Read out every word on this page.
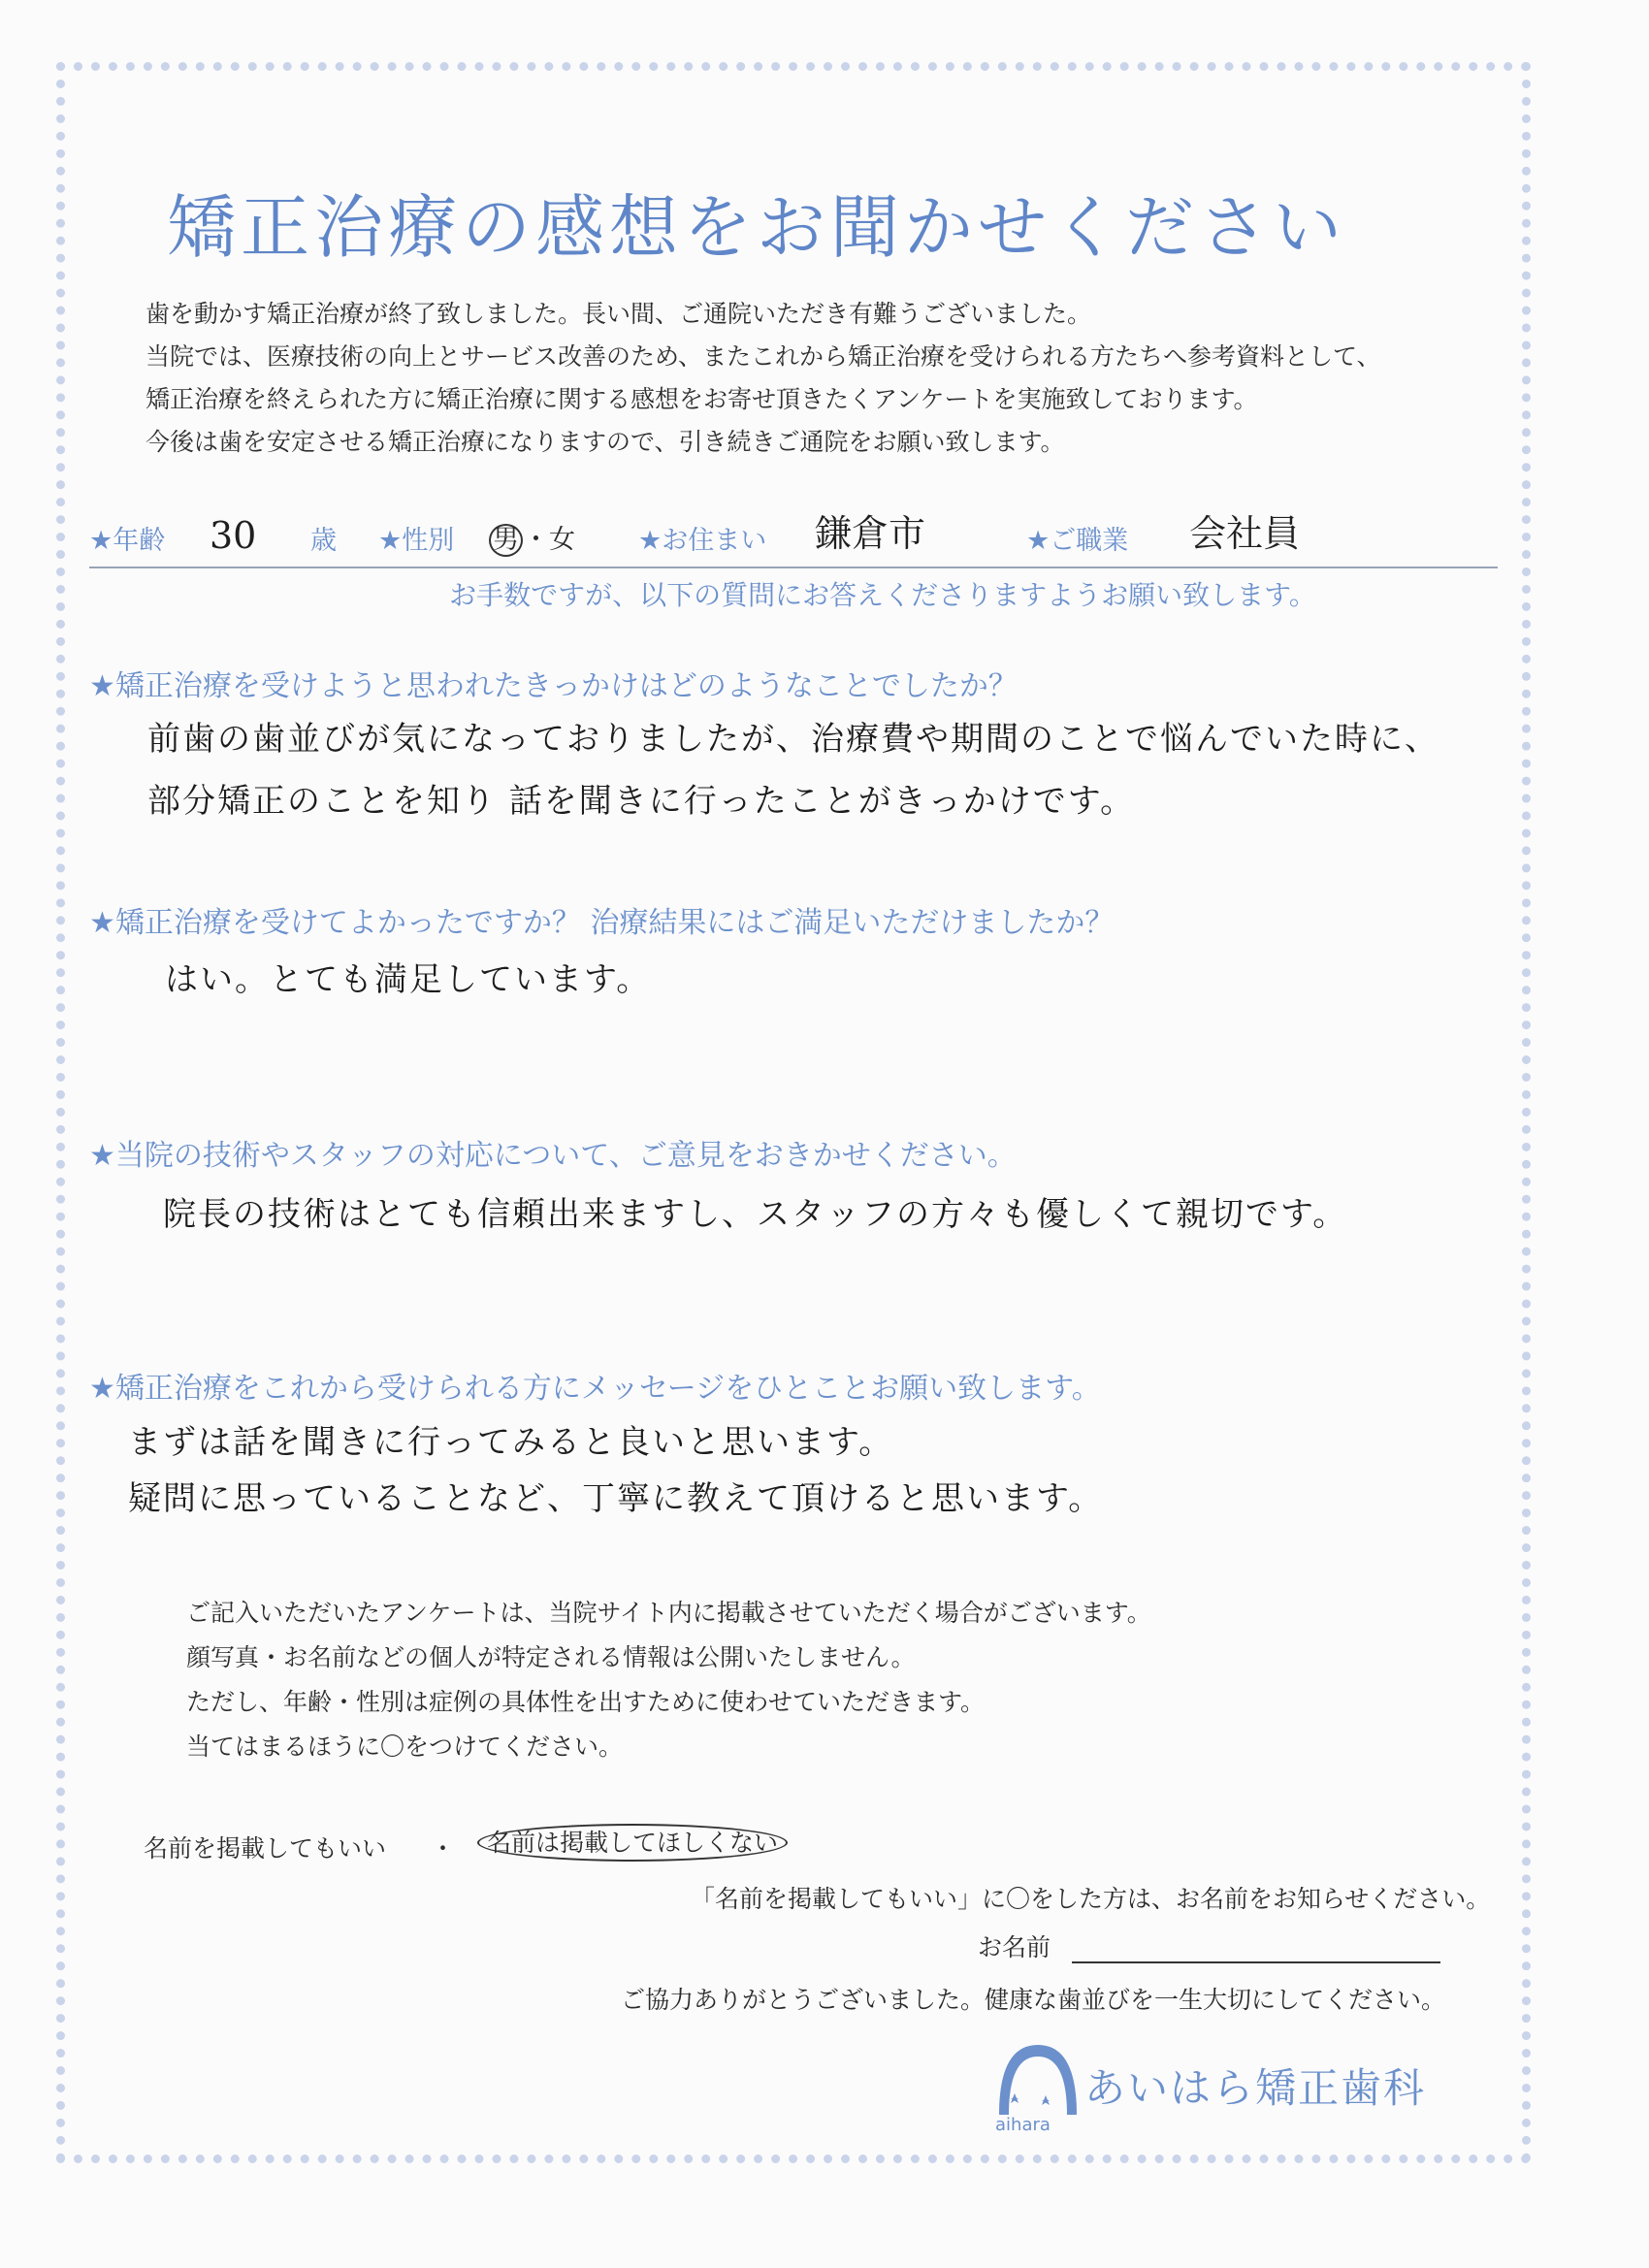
矯正治療の感想をお聞かせください
歯を動かす矯正治療が終了致しました。長い間、ご通院いただき有難うございました。
当院では、医療技術の向上とサービス改善のため、またこれから矯正治療を受けられる方たちへ参考資料として、
矯正治療を終えられた方に矯正治療に関する感想をお寄せ頂きたくアンケートを実施致しております。
今後は歯を安定させる矯正治療になりますので、引き続きご通院をお願い致します。
★年齢 30 歳 ★性別 男 ・女 ★お住まい 鎌倉市	★ご職業 会社員
お手数ですが、以下の質問にお答えくださりますようお願い致します。
★矯正治療を受けようと思われたきっかけはどのようなことでしたか？
前歯の歯並びが気になっておりましたが、治療費や期間のことで悩んでいた時に、
部分矯正のことを知り 話を聞きに行ったことがきっかけです。
★矯正治療を受けてよかったですか？ 治療結果にはご満足いただけましたか？
はい。とても満足しています。
★当院の技術やスタッフの対応について、ご意見をおきかせください。
院長の技術はとても信頼出来ますし、スタッフの方々も優しくて親切です。
★矯正治療をこれから受けられる方にメッセージをひとことお願い致します。
まずは話を聞きに行ってみると良いと思います。
疑問に思っていることなど、丁寧に教えて頂けると思います。
ご記入いただいたアンケートは、当院サイト内に掲載させていただく場合がございます。
顔写真・お名前などの個人が特定される情報は公開いたしません。
ただし、年齢・性別は症例の具体性を出すために使わせていただきます。
当てはまるほうに〇をつけてください。
名前を掲載してもいい ・	名前は掲載してほしくない
「名前を掲載してもいい」に〇をした方は、お名前をお知らせください。
お名前
ご協力ありがとうございました。健康な歯並びを一生大切にしてください。
あいはら矯正歯科
aihara
